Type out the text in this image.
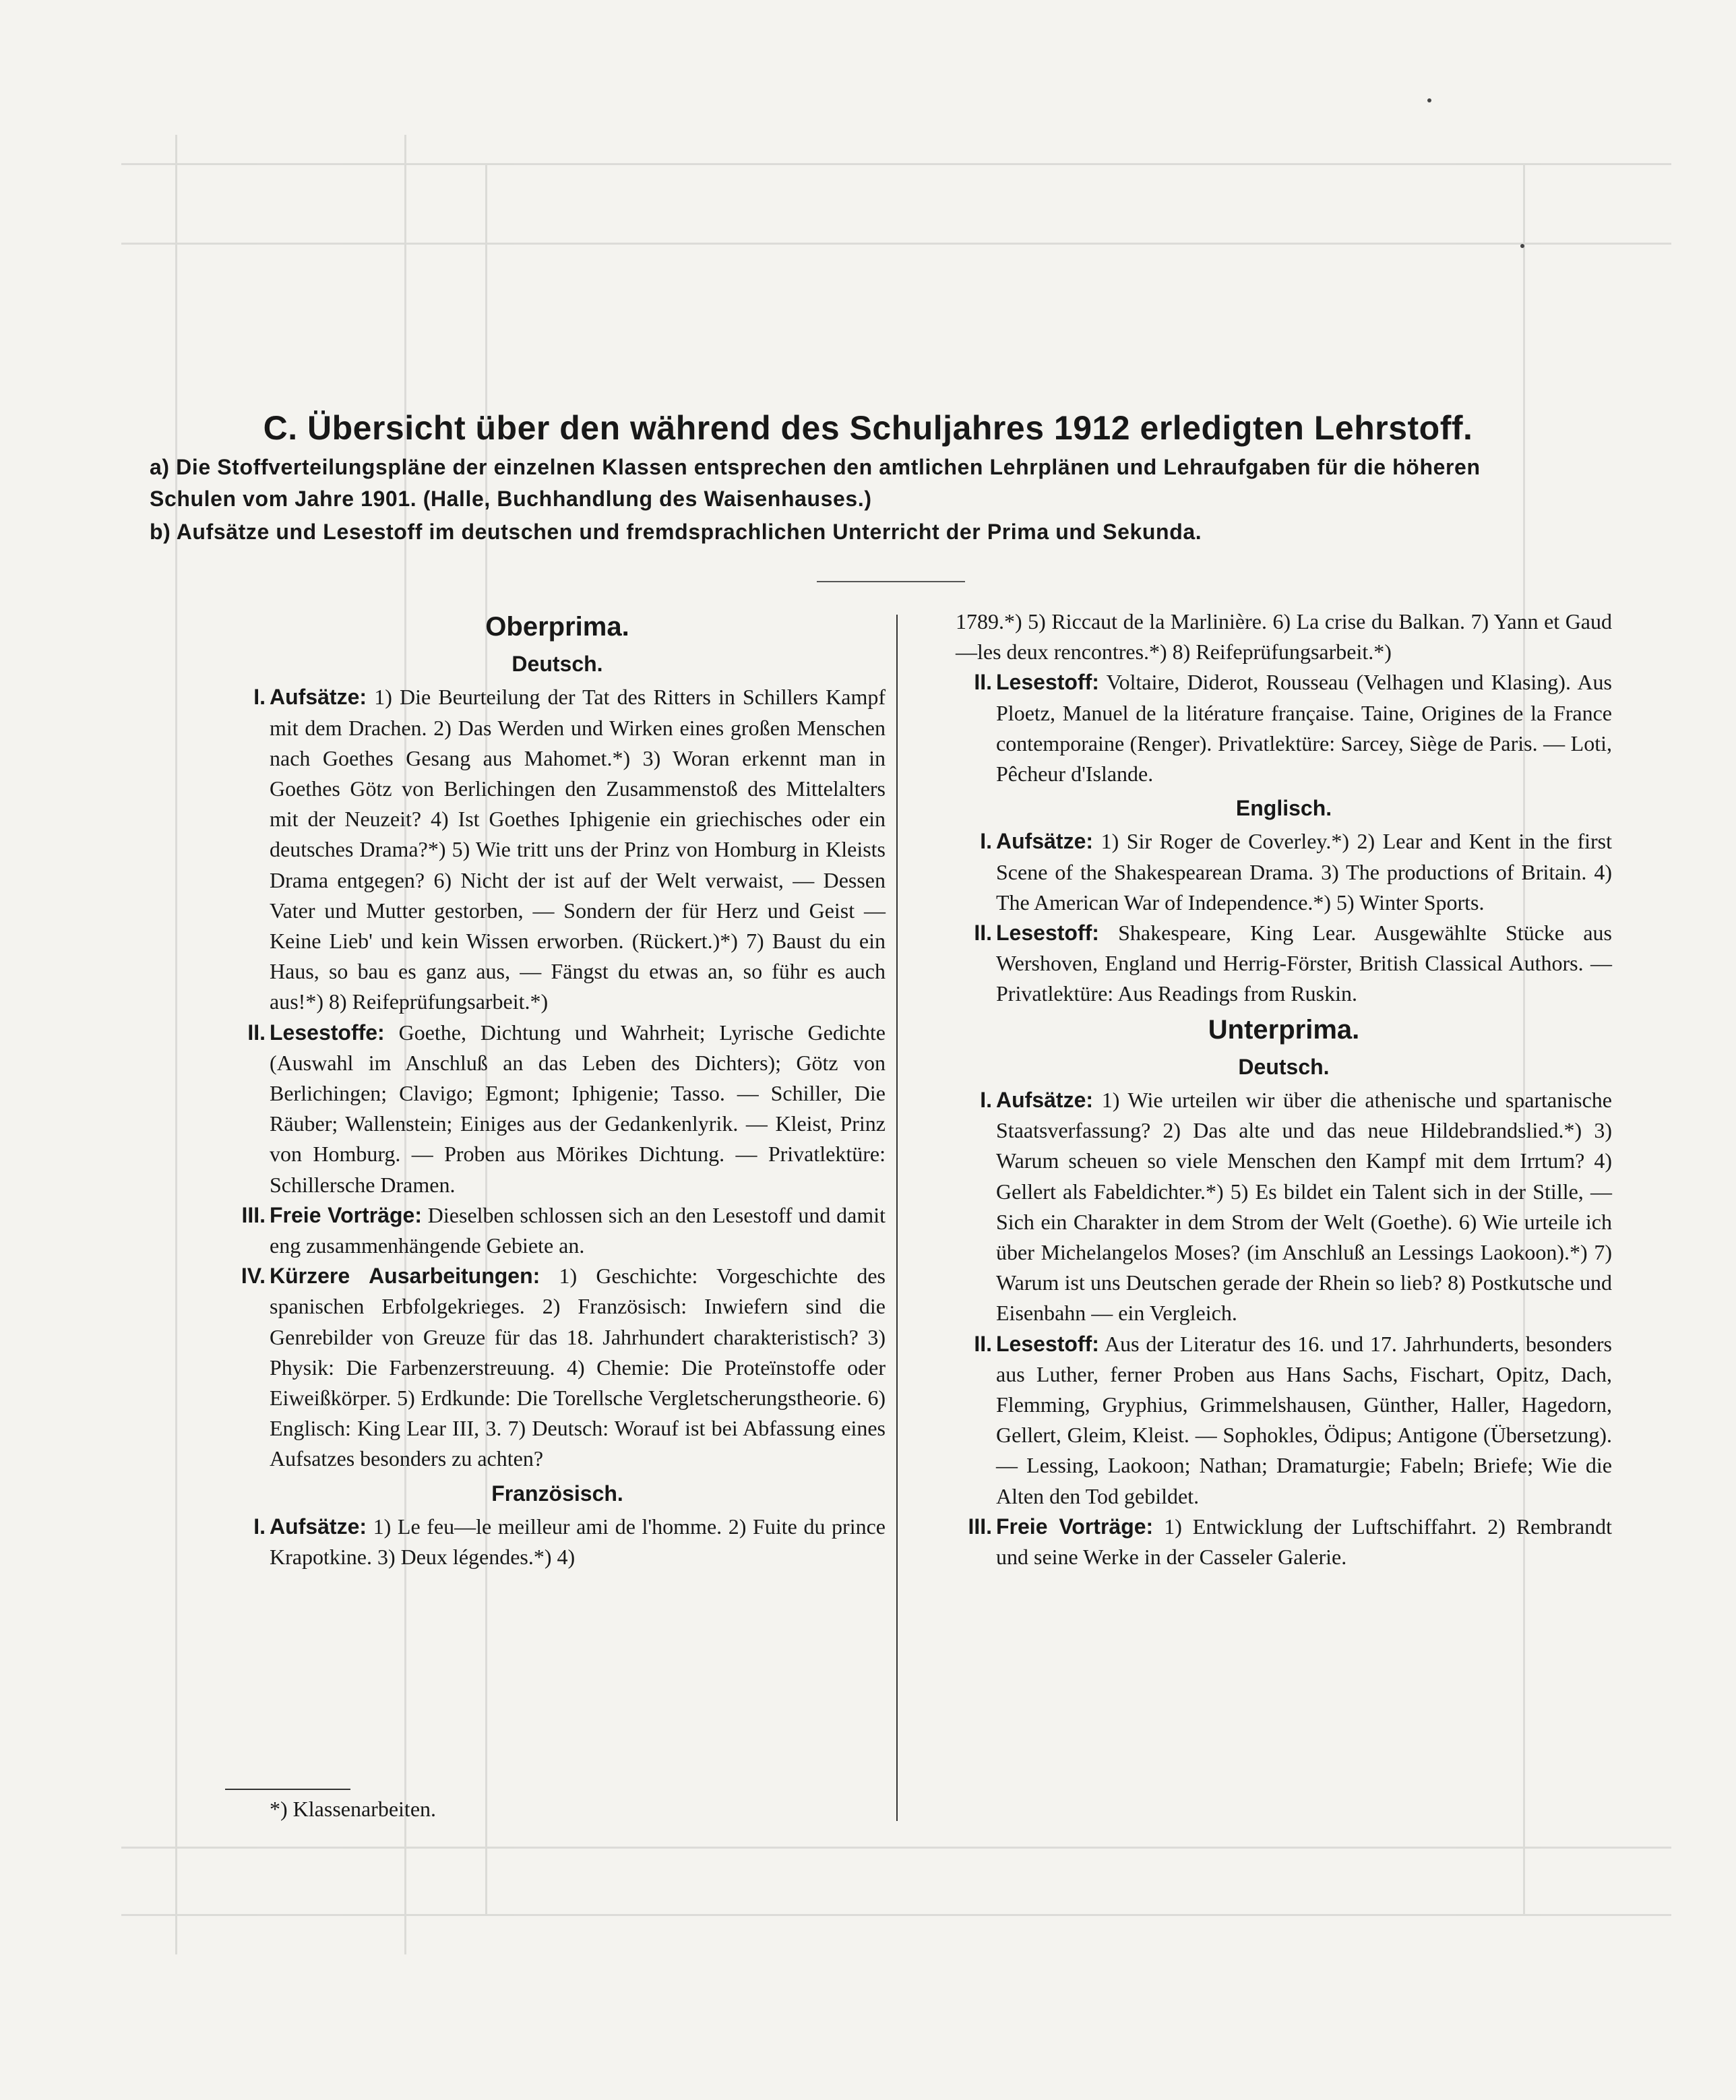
C. Übersicht über den während des Schuljahres 1912 erledigten Lehrstoff.
a) Die Stoffverteilungspläne der einzelnen Klassen entsprechen den amtlichen Lehrplänen und Lehraufgaben für die höheren Schulen vom Jahre 1901. (Halle, Buchhandlung des Waisenhauses.)
b) Aufsätze und Lesestoff im deutschen und fremdsprachlichen Unterricht der Prima und Sekunda.
Oberprima.
Deutsch.

I. Aufsätze: 1) Die Beurteilung der Tat des Ritters in Schillers Kampf mit dem Drachen. 2) Das Werden und Wirken eines großen Menschen nach Goethes Gesang aus Mahomet.*) 3) Woran erkennt man in Goethes Götz von Berlichingen den Zusammenstoß des Mittelalters mit der Neuzeit? 4) Ist Goethes Iphigenie ein griechisches oder ein deutsches Drama?*) 5) Wie tritt uns der Prinz von Homburg in Kleists Drama entgegen? 6) Nicht der ist auf der Welt verwaist, — Dessen Vater und Mutter gestorben, — Sondern der für Herz und Geist — Keine Lieb' und kein Wissen erworben. (Rückert.)*) 7) Baust du ein Haus, so bau es ganz aus, — Fängst du etwas an, so führ es auch aus!*) 8) Reifeprüfungsarbeit.*)

II. Lesestoffe: Goethe, Dichtung und Wahrheit; Lyrische Gedichte (Auswahl im Anschluß an das Leben des Dichters); Götz von Berlichingen; Clavigo; Egmont; Iphigenie; Tasso. — Schiller, Die Räuber; Wallenstein; Einiges aus der Gedankenlyrik. — Kleist, Prinz von Homburg. — Proben aus Mörikes Dichtung. — Privatlektüre: Schillersche Dramen.

III. Freie Vorträge: Dieselben schlossen sich an den Lesestoff und damit eng zusammenhängende Gebiete an.

IV. Kürzere Ausarbeitungen: 1) Geschichte: Vorgeschichte des spanischen Erbfolgekrieges. 2) Französisch: Inwiefern sind die Genrebilder von Greuze für das 18. Jahrhundert charakteristisch? 3) Physik: Die Farbenzerstreuung. 4) Chemie: Die Proteïnstoffe oder Eiweißkörper. 5) Erdkunde: Die Torellsche Vergletscherungstheorie. 6) Englisch: King Lear III, 3. 7) Deutsch: Worauf ist bei Abfassung eines Aufsatzes besonders zu achten?

Französisch.

I. Aufsätze: 1) Le feu—le meilleur ami de l'homme. 2) Fuite du prince Krapotkine. 3) Deux légendes.*) 4)

1789.*) 5) Riccaut de la Marlinière. 6) La crise du Balkan. 7) Yann et Gaud—les deux rencontres.*) 8) Reifeprüfungsarbeit.*)

II. Lesestoff: Voltaire, Diderot, Rousseau (Velhagen und Klasing). Aus Ploetz, Manuel de la litérature française. Taine, Origines de la France contemporaine (Renger). Privatlektüre: Sarcey, Siège de Paris. — Loti, Pêcheur d'Islande.

Englisch.

I. Aufsätze: 1) Sir Roger de Coverley.*) 2) Lear and Kent in the first Scene of the Shakespearean Drama. 3) The productions of Britain. 4) The American War of Independence.*) 5) Winter Sports.

II. Lesestoff: Shakespeare, King Lear. Ausgewählte Stücke aus Wershoven, England und Herrig-Förster, British Classical Authors. — Privatlektüre: Aus Readings from Ruskin.

Unterprima.
Deutsch.

I. Aufsätze: 1) Wie urteilen wir über die athenische und spartanische Staatsverfassung? 2) Das alte und das neue Hildebrandslied.*) 3) Warum scheuen so viele Menschen den Kampf mit dem Irrtum? 4) Gellert als Fabeldichter.*) 5) Es bildet ein Talent sich in der Stille, — Sich ein Charakter in dem Strom der Welt (Goethe). 6) Wie urteile ich über Michelangelos Moses? (im Anschluß an Lessings Laokoon).*) 7) Warum ist uns Deutschen gerade der Rhein so lieb? 8) Postkutsche und Eisenbahn — ein Vergleich.

II. Lesestoff: Aus der Literatur des 16. und 17. Jahrhunderts, besonders aus Luther, ferner Proben aus Hans Sachs, Fischart, Opitz, Dach, Flemming, Gryphius, Grimmelshausen, Günther, Haller, Hagedorn, Gellert, Gleim, Kleist. — Sophokles, Ödipus; Antigone (Übersetzung). — Lessing, Laokoon; Nathan; Dramaturgie; Fabeln; Briefe; Wie die Alten den Tod gebildet.

III. Freie Vorträge: 1) Entwicklung der Luftschiffahrt. 2) Rembrandt und seine Werke in der Casseler Galerie.

*) Klassenarbeiten.
